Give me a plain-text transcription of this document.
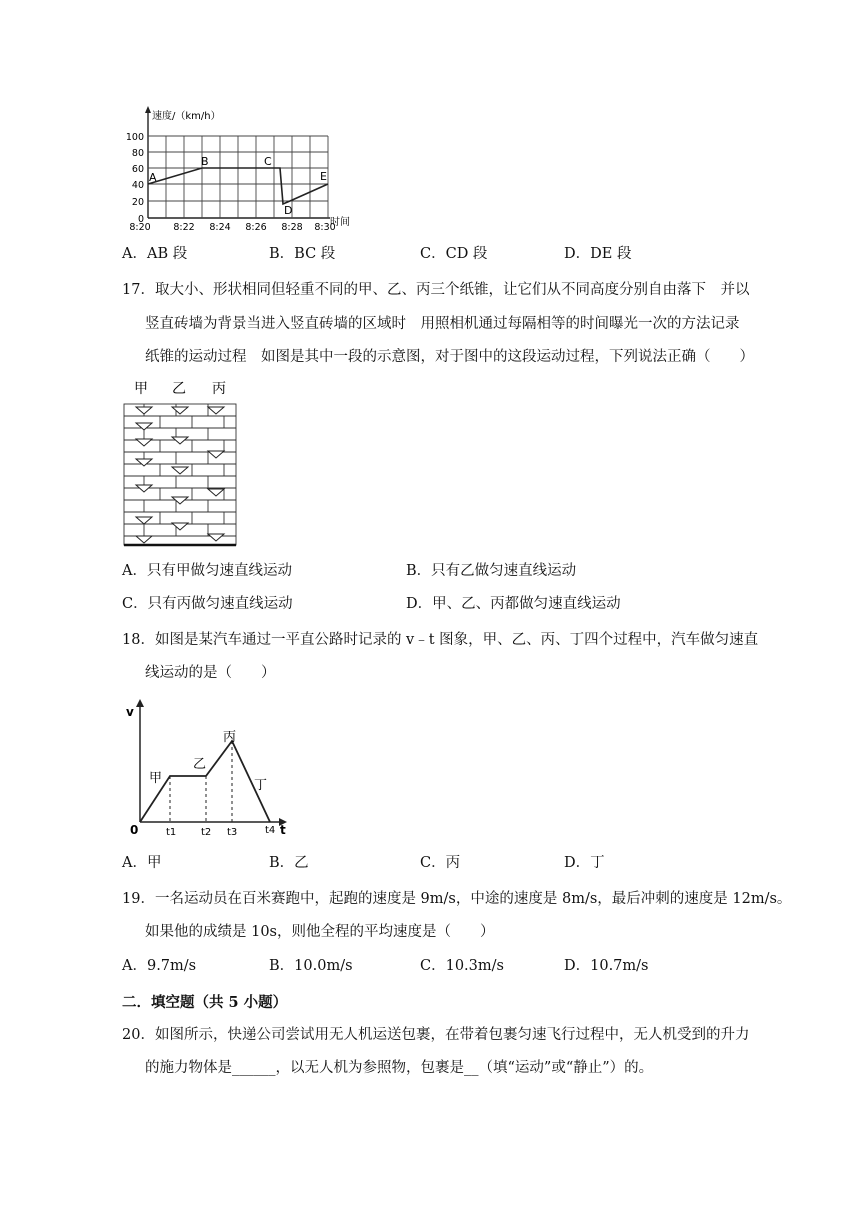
速度/（km/h）
时间
100
80
60
40
20
0
8:20 8:22 8:24 8:26 8:28 8:30
A
B	C
D
E
A．AB 段	B．BC 段	C．CD 段	D．DE 段
17．取大小、形状相同但轻重不同的甲、乙、丙三个纸锥，让它们从不同高度分别自由落下　并以
竖直砖墙为背景当进入竖直砖墙的区域时　用照相机通过每隔相等的时间曝光一次的方法记录
纸锥的运动过程　如图是其中一段的示意图，对于图中的这段运动过程，下列说法正确（　　）
甲 乙 丙
A．只有甲做匀速直线运动	B．只有乙做匀速直线运动
C．只有丙做匀速直线运动	D．甲、乙、丙都做匀速直线运动
18．如图是某汽车通过一平直公路时记录的 v﹣t 图象，甲、乙、丙、丁四个过程中，汽车做匀速直
线运动的是（　　）
v
t
0
甲
乙
丙
丁
t1 t2 t3	t4
A．甲	B．乙	C．丙	D．丁
19．一名运动员在百米赛跑中，起跑的速度是 9m/s，中途的速度是 8m/s，最后冲刺的速度是 12m/s。
如果他的成绩是 10s，则他全程的平均速度是（　　）
A．9.7m/s	B．10.0m/s	C．10.3m/s	D．10.7m/s
二．填空题（共 5 小题）
20．如图所示，快递公司尝试用无人机运送包裹，在带着包裹匀速飞行过程中，无人机受到的升力
的施力物体是______，以无人机为参照物，包裹是__（填“运动”或“静止”）的。
